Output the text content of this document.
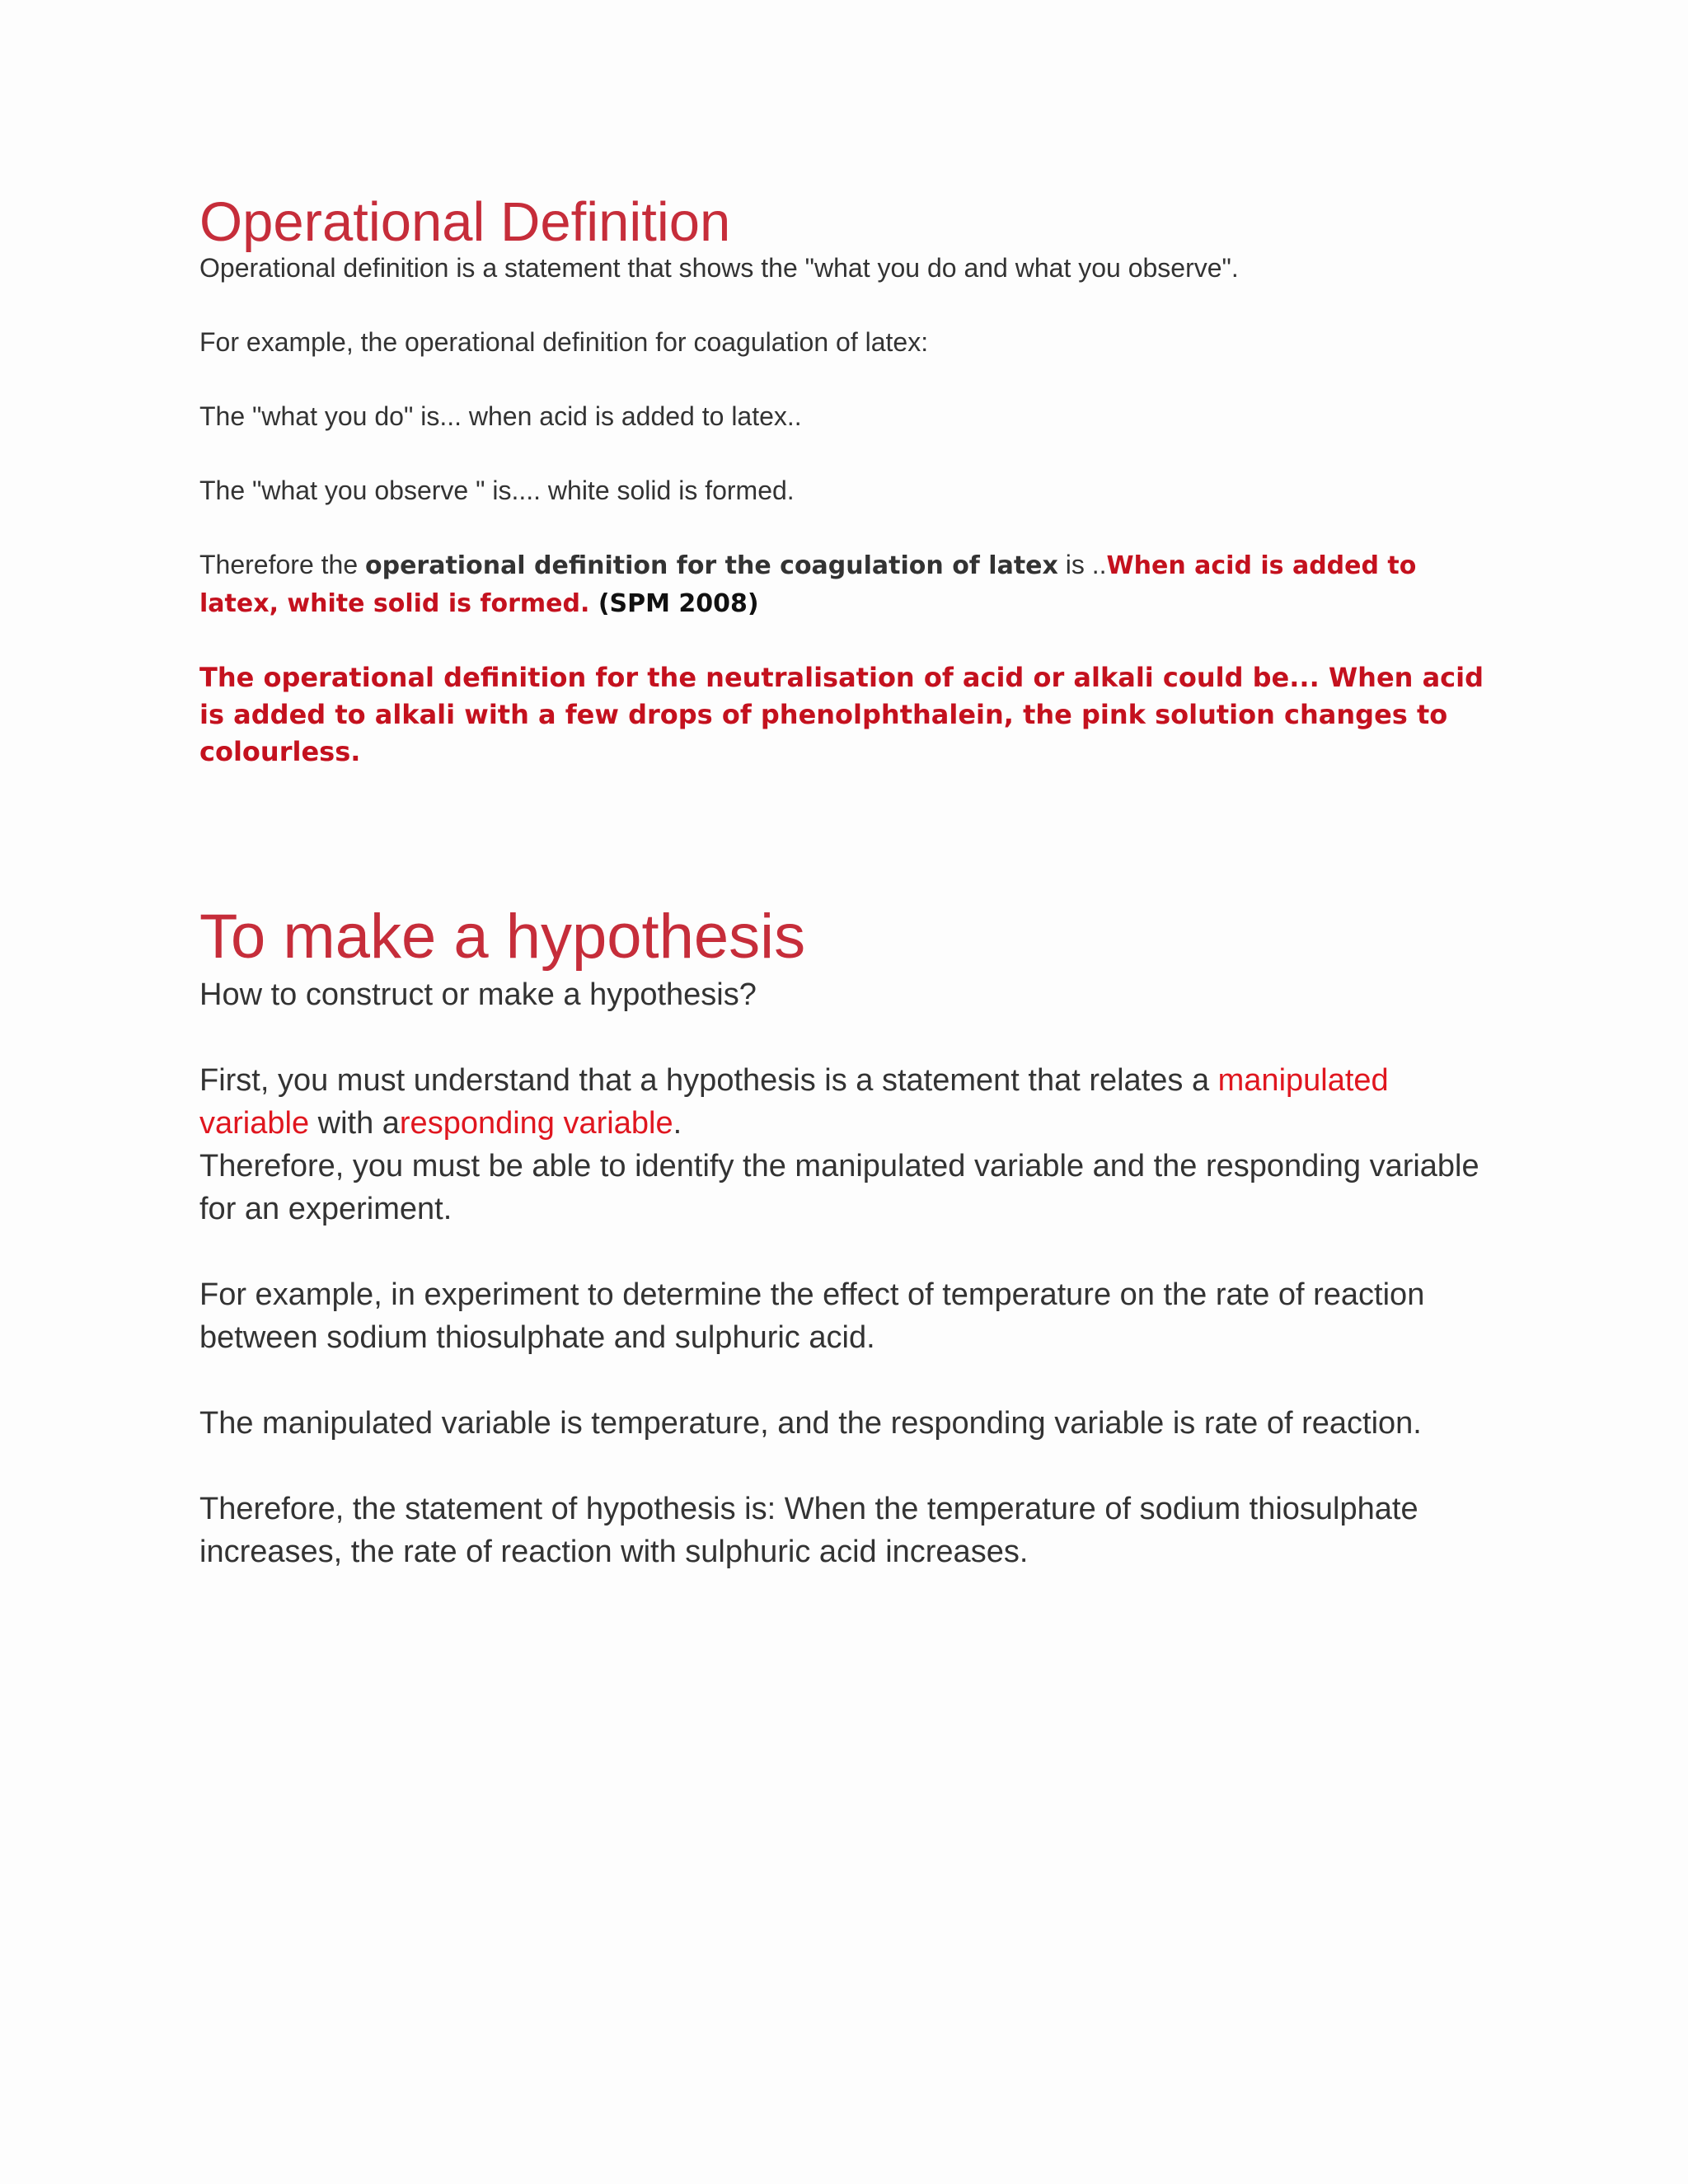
Operational Definition

Operational definition is a statement that shows the "what you do and what you observe".

For example, the operational definition for coagulation of latex:

The "what you do" is... when acid is added to latex..

The "what you observe " is.... white solid is formed.

Therefore the operational definition for the coagulation of latex is ..When acid is added to latex, white solid is formed. (SPM 2008)

The operational definition for the neutralisation of acid or alkali could be... When acid is added to alkali with a few drops of phenolphthalein, the pink solution changes to colourless.

To make a hypothesis

How to construct or make a hypothesis?

First, you must understand that a hypothesis is a statement that relates a manipulated variable with aresponding variable.

Therefore, you must be able to identify the manipulated variable and the responding variable for an experiment.

For example, in experiment to determine the effect of temperature on the rate of reaction between sodium thiosulphate and sulphuric acid.

The manipulated variable is temperature, and the responding variable is rate of reaction.

Therefore, the statement of hypothesis is: When the temperature of sodium thiosulphate increases, the rate of reaction with sulphuric acid increases.
